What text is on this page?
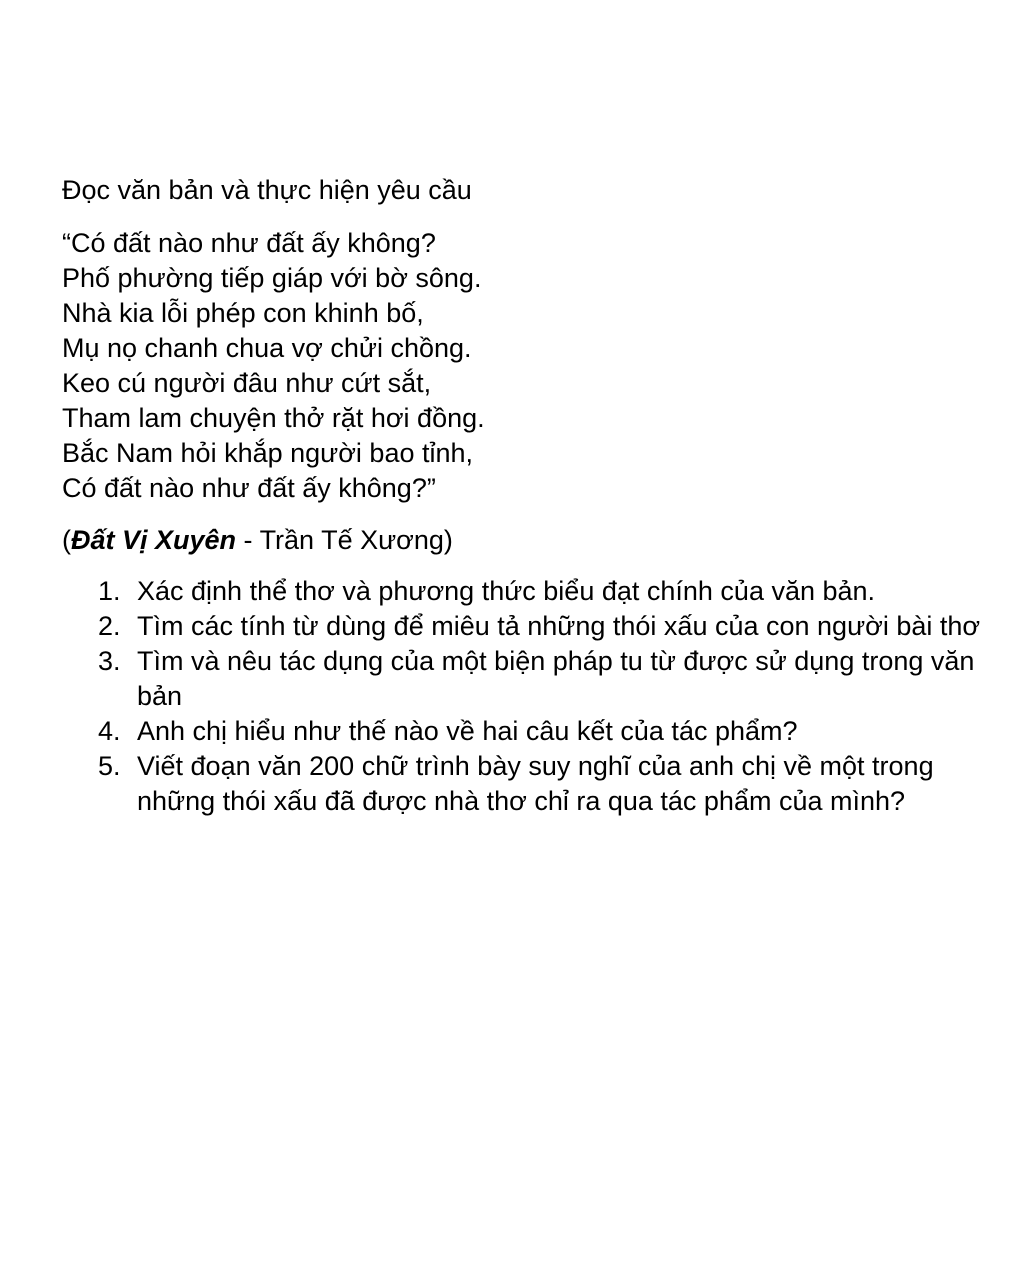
Đọc văn bản và thực hiện yêu cầu

“Có đất nào như đất ấy không?
Phố phường tiếp giáp với bờ sông.
Nhà kia lỗi phép con khinh bố,
Mụ nọ chanh chua vợ chửi chồng.
Keo cú người đâu như cứt sắt,
Tham lam chuyện thở rặt hơi đồng.
Bắc Nam hỏi khắp người bao tỉnh,
Có đất nào như đất ấy không?”

(Đất Vị Xuyên - Trần Tế Xương)

1. Xác định thể thơ và phương thức biểu đạt chính của văn bản.
2. Tìm các tính từ dùng để miêu tả những thói xấu của con người bài thơ
3. Tìm và nêu tác dụng của một biện pháp tu từ được sử dụng trong văn bản
4. Anh chị hiểu như thế nào về hai câu kết của tác phẩm?
5. Viết đoạn văn 200 chữ trình bày suy nghĩ của anh chị về một trong những thói xấu đã được nhà thơ chỉ ra qua tác phẩm của mình?
